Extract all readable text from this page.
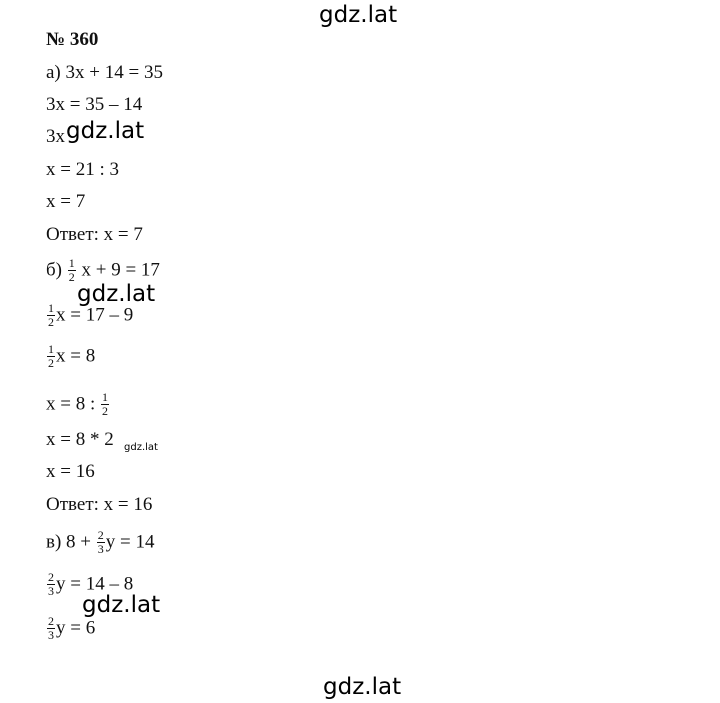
gdz.lat
№ 360
а) 3x + 14 = 35
3x = 35 – 14
3x gdz.lat
x = 21 : 3
x = 7
Ответ: x = 7
$б) \frac{1}{2}$ x + 9 = 17
gdz.lat
$\frac{1}{2}$ x = 17 – 9
$\frac{1}{2}$ x = 8
x = 8 : $\frac{1}{2}$
x = 8 * 2 gdz.lat
x = 16
Ответ: x = 16
в) $8 + \frac{2}{3}$ y = 14
$\frac{2}{3}$ y = 14 – 8
gdz.lat
$\frac{2}{3}$ y = 6
gdz.lat
